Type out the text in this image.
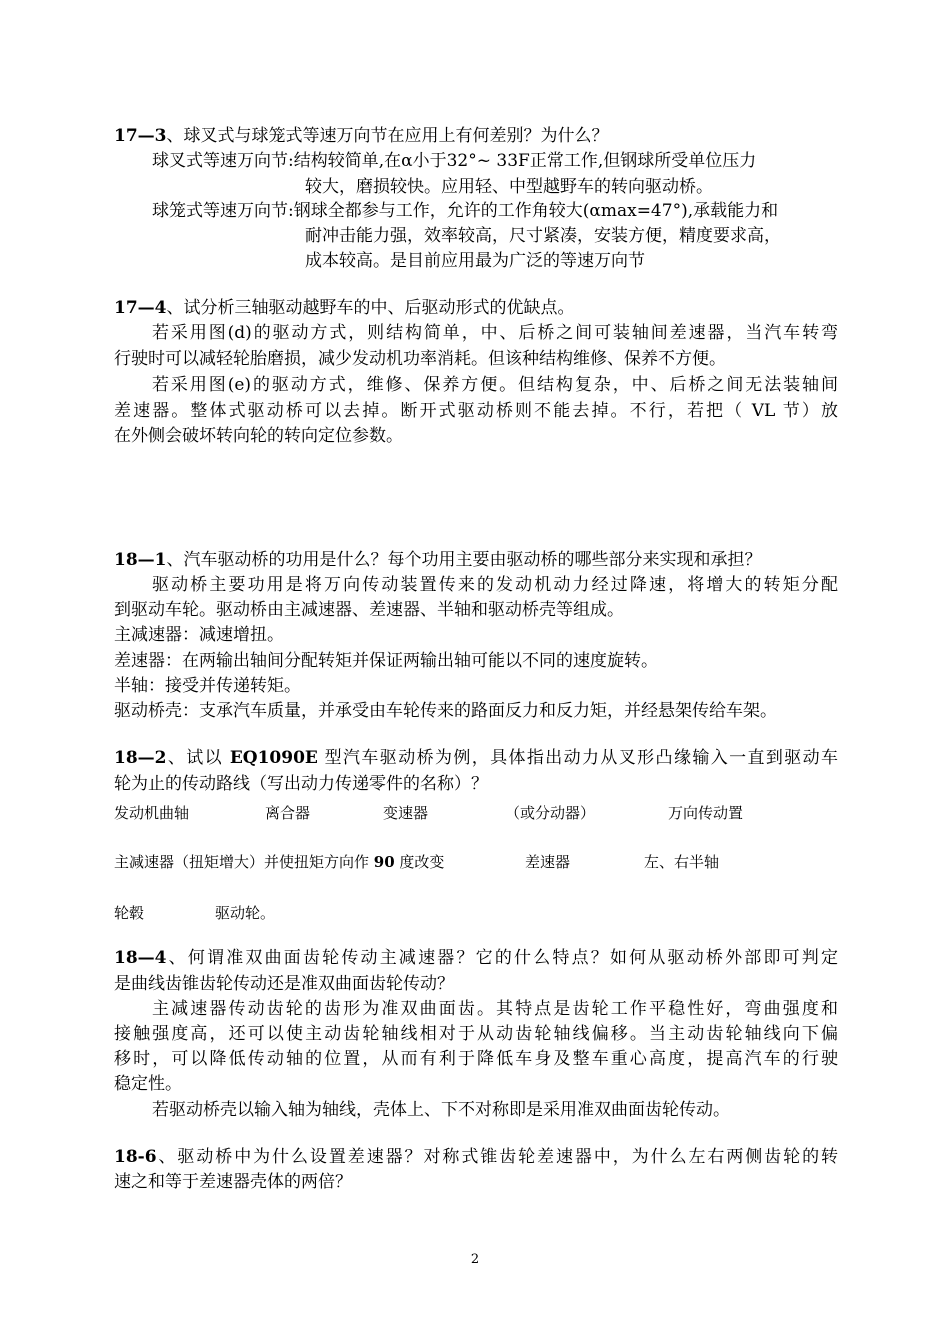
17—3、球叉式与球笼式等速万向节在应用上有何差别？为什么？
球叉式等速万向节:结构较简单,在α小于32°~ 33F正常工作,但钢球所受单位压力
较大，磨损较快。应用轻、中型越野车的转向驱动桥。
球笼式等速万向节:钢球全都参与工作，允许的工作角较大(αmax=47°),承载能力和
耐冲击能力强，效率较高，尺寸紧凑，安装方便，精度要求高，
成本较高。是目前应用最为广泛的等速万向节
17—4、试分析三轴驱动越野车的中、后驱动形式的优缺点。
若采用图(d)的驱动方式，则结构简单，中、后桥之间可装轴间差速器，当汽车转弯
行驶时可以减轻轮胎磨损，减少发动机功率消耗。但该种结构维修、保养不方便。
若采用图(e)的驱动方式，维修、保养方便。但结构复杂，中、后桥之间无法装轴间
差速器。整体式驱动桥可以去掉。断开式驱动桥则不能去掉。不行，若把（ VL 节）放
在外侧会破坏转向轮的转向定位参数。
18—1、汽车驱动桥的功用是什么？每个功用主要由驱动桥的哪些部分来实现和承担？
驱动桥主要功用是将万向传动装置传来的发动机动力经过降速，将增大的转矩分配
到驱动车轮。驱动桥由主减速器、差速器、半轴和驱动桥壳等组成。
主减速器：减速增扭。
差速器：在两输出轴间分配转矩并保证两输出轴可能以不同的速度旋转。
半轴：接受并传递转矩。
驱动桥壳：支承汽车质量，并承受由车轮传来的路面反力和反力矩，并经悬架传给车架。
18—2、试以 EQ1090E 型汽车驱动桥为例，具体指出动力从叉形凸缘输入一直到驱动车
轮为止的传动路线（写出动力传递零件的名称）？
发动机曲轴	离合器	变速器	（或分动器）	万向传动置
主减速器（扭矩增大）并使扭矩方向作 90 度改变	差速器	左、右半轴
轮毂	驱动轮。
18—4、何谓准双曲面齿轮传动主减速器？它的什么特点？如何从驱动桥外部即可判定
是曲线齿锥齿轮传动还是准双曲面齿轮传动？
主减速器传动齿轮的齿形为准双曲面齿。其特点是齿轮工作平稳性好，弯曲强度和
接触强度高，还可以使主动齿轮轴线相对于从动齿轮轴线偏移。当主动齿轮轴线向下偏
移时，可以降低传动轴的位置，从而有利于降低车身及整车重心高度，提高汽车的行驶
稳定性。
若驱动桥壳以输入轴为轴线，壳体上、下不对称即是采用准双曲面齿轮传动。
18-6、驱动桥中为什么设置差速器？对称式锥齿轮差速器中，为什么左右两侧齿轮的转
速之和等于差速器壳体的两倍？
2
